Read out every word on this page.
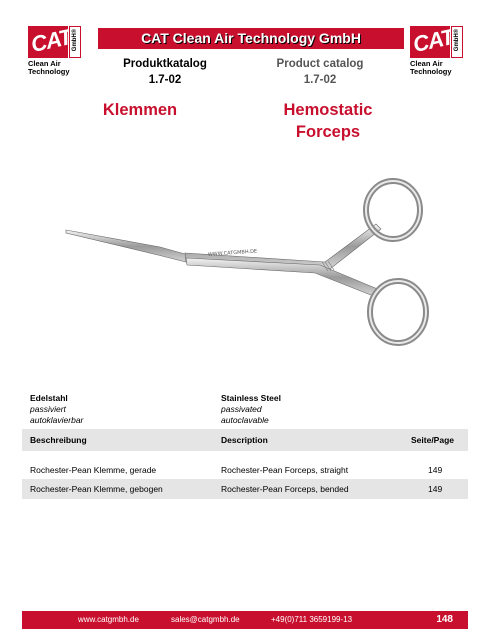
CAT
GmbH®
Clean Air
Technology
CAT Clean Air Technology GmbH	CAT
GmbH®
Clean Air
Technology
Produktkatalog
1.7-02
Product catalog
1.7-02
Klemmen	Hemostatic
Forceps
WWW.CATGMBH.DE
Edelstahl
passiviert
autoklavierbar
Stainless Steel
passivated
autoclavable
Beschreibung	Description	Seite/Page
Rochester-Pean Klemme, gerade	Rochester-Pean Forceps, straight	149
Rochester-Pean Klemme, gebogen	Rochester-Pean Forceps, bended	149
www.catgmbh.de	sales@catgmbh.de	+49(0)711 3659199-13	148
